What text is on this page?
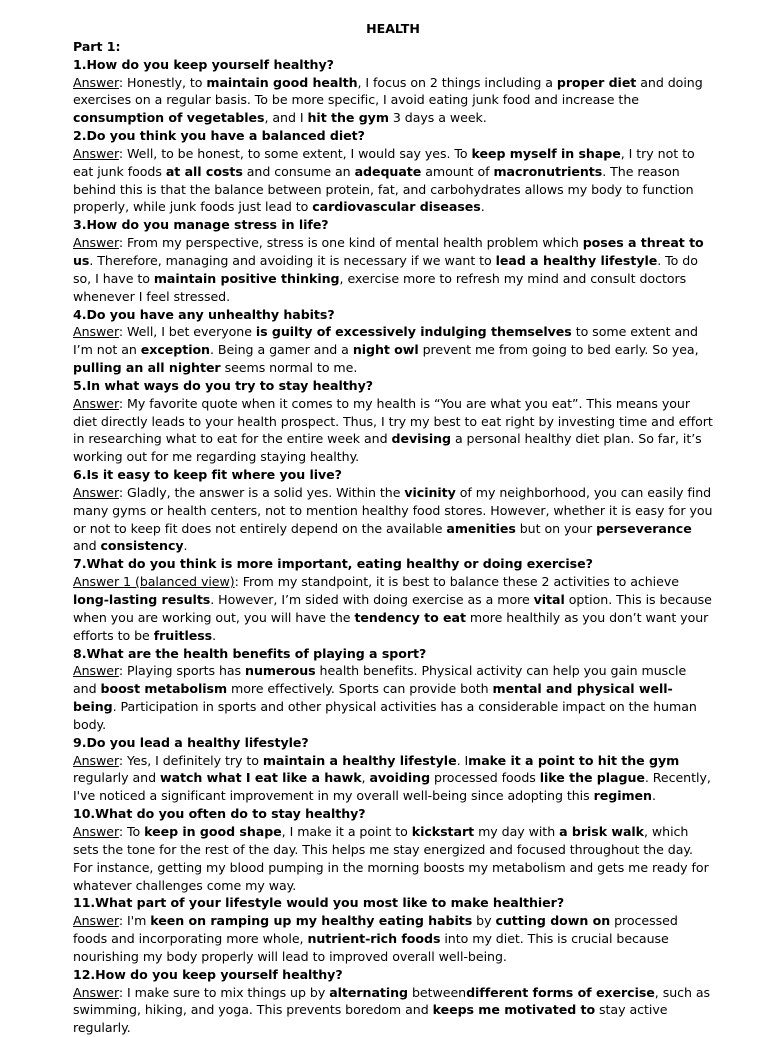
HEALTH
Part 1:
1.How do you keep yourself healthy?
Answer: Honestly, to maintain good health, I focus on 2 things including a proper diet and doing exercises on a regular basis. To be more specific, I avoid eating junk food and increase the consumption of vegetables, and I hit the gym 3 days a week.
2.Do you think you have a balanced diet?
Answer: Well, to be honest, to some extent, I would say yes. To keep myself in shape, I try not to eat junk foods at all costs and consume an adequate amount of macronutrients. The reason behind this is that the balance between protein, fat, and carbohydrates allows my body to function properly, while junk foods just lead to cardiovascular diseases.
3.How do you manage stress in life?
Answer: From my perspective, stress is one kind of mental health problem which poses a threat to us. Therefore, managing and avoiding it is necessary if we want to lead a healthy lifestyle. To do so, I have to maintain positive thinking, exercise more to refresh my mind and consult doctors whenever I feel stressed.
4.Do you have any unhealthy habits?
Answer: Well, I bet everyone is guilty of excessively indulging themselves to some extent and I’m not an exception. Being a gamer and a night owl prevent me from going to bed early. So yea, pulling an all nighter seems normal to me.
5.In what ways do you try to stay healthy?
Answer: My favorite quote when it comes to my health is “You are what you eat”. This means your diet directly leads to your health prospect. Thus, I try my best to eat right by investing time and effort in researching what to eat for the entire week and devising a personal healthy diet plan. So far, it’s working out for me regarding staying healthy.
6.Is it easy to keep fit where you live?
Answer: Gladly, the answer is a solid yes. Within the vicinity of my neighborhood, you can easily find many gyms or health centers, not to mention healthy food stores. However, whether it is easy for you or not to keep fit does not entirely depend on the available amenities but on your perseverance and consistency.
7.What do you think is more important, eating healthy or doing exercise?
Answer 1 (balanced view): From my standpoint, it is best to balance these 2 activities to achieve long-lasting results. However, I’m sided with doing exercise as a more vital option. This is because when you are working out, you will have the tendency to eat more healthily as you don’t want your efforts to be fruitless.
8.What are the health benefits of playing a sport?
Answer: Playing sports has numerous health benefits. Physical activity can help you gain muscle and boost metabolism more effectively. Sports can provide both mental and physical well-being. Participation in sports and other physical activities has a considerable impact on the human body.
9.Do you lead a healthy lifestyle?
Answer: Yes, I definitely try to maintain a healthy lifestyle. Imake it a point to hit the gym regularly and watch what I eat like a hawk, avoiding processed foods like the plague. Recently, I've noticed a significant improvement in my overall well-being since adopting this regimen.
10.What do you often do to stay healthy?
Answer: To keep in good shape, I make it a point to kickstart my day with a brisk walk, which sets the tone for the rest of the day. This helps me stay energized and focused throughout the day. For instance, getting my blood pumping in the morning boosts my metabolism and gets me ready for whatever challenges come my way.
11.What part of your lifestyle would you most like to make healthier?
Answer: I'm keen on ramping up my healthy eating habits by cutting down on processed foods and incorporating more whole, nutrient-rich foods into my diet. This is crucial because nourishing my body properly will lead to improved overall well-being.
12.How do you keep yourself healthy?
Answer: I make sure to mix things up by alternating betweendifferent forms of exercise, such as swimming, hiking, and yoga. This prevents boredom and keeps me motivated to stay active regularly.
